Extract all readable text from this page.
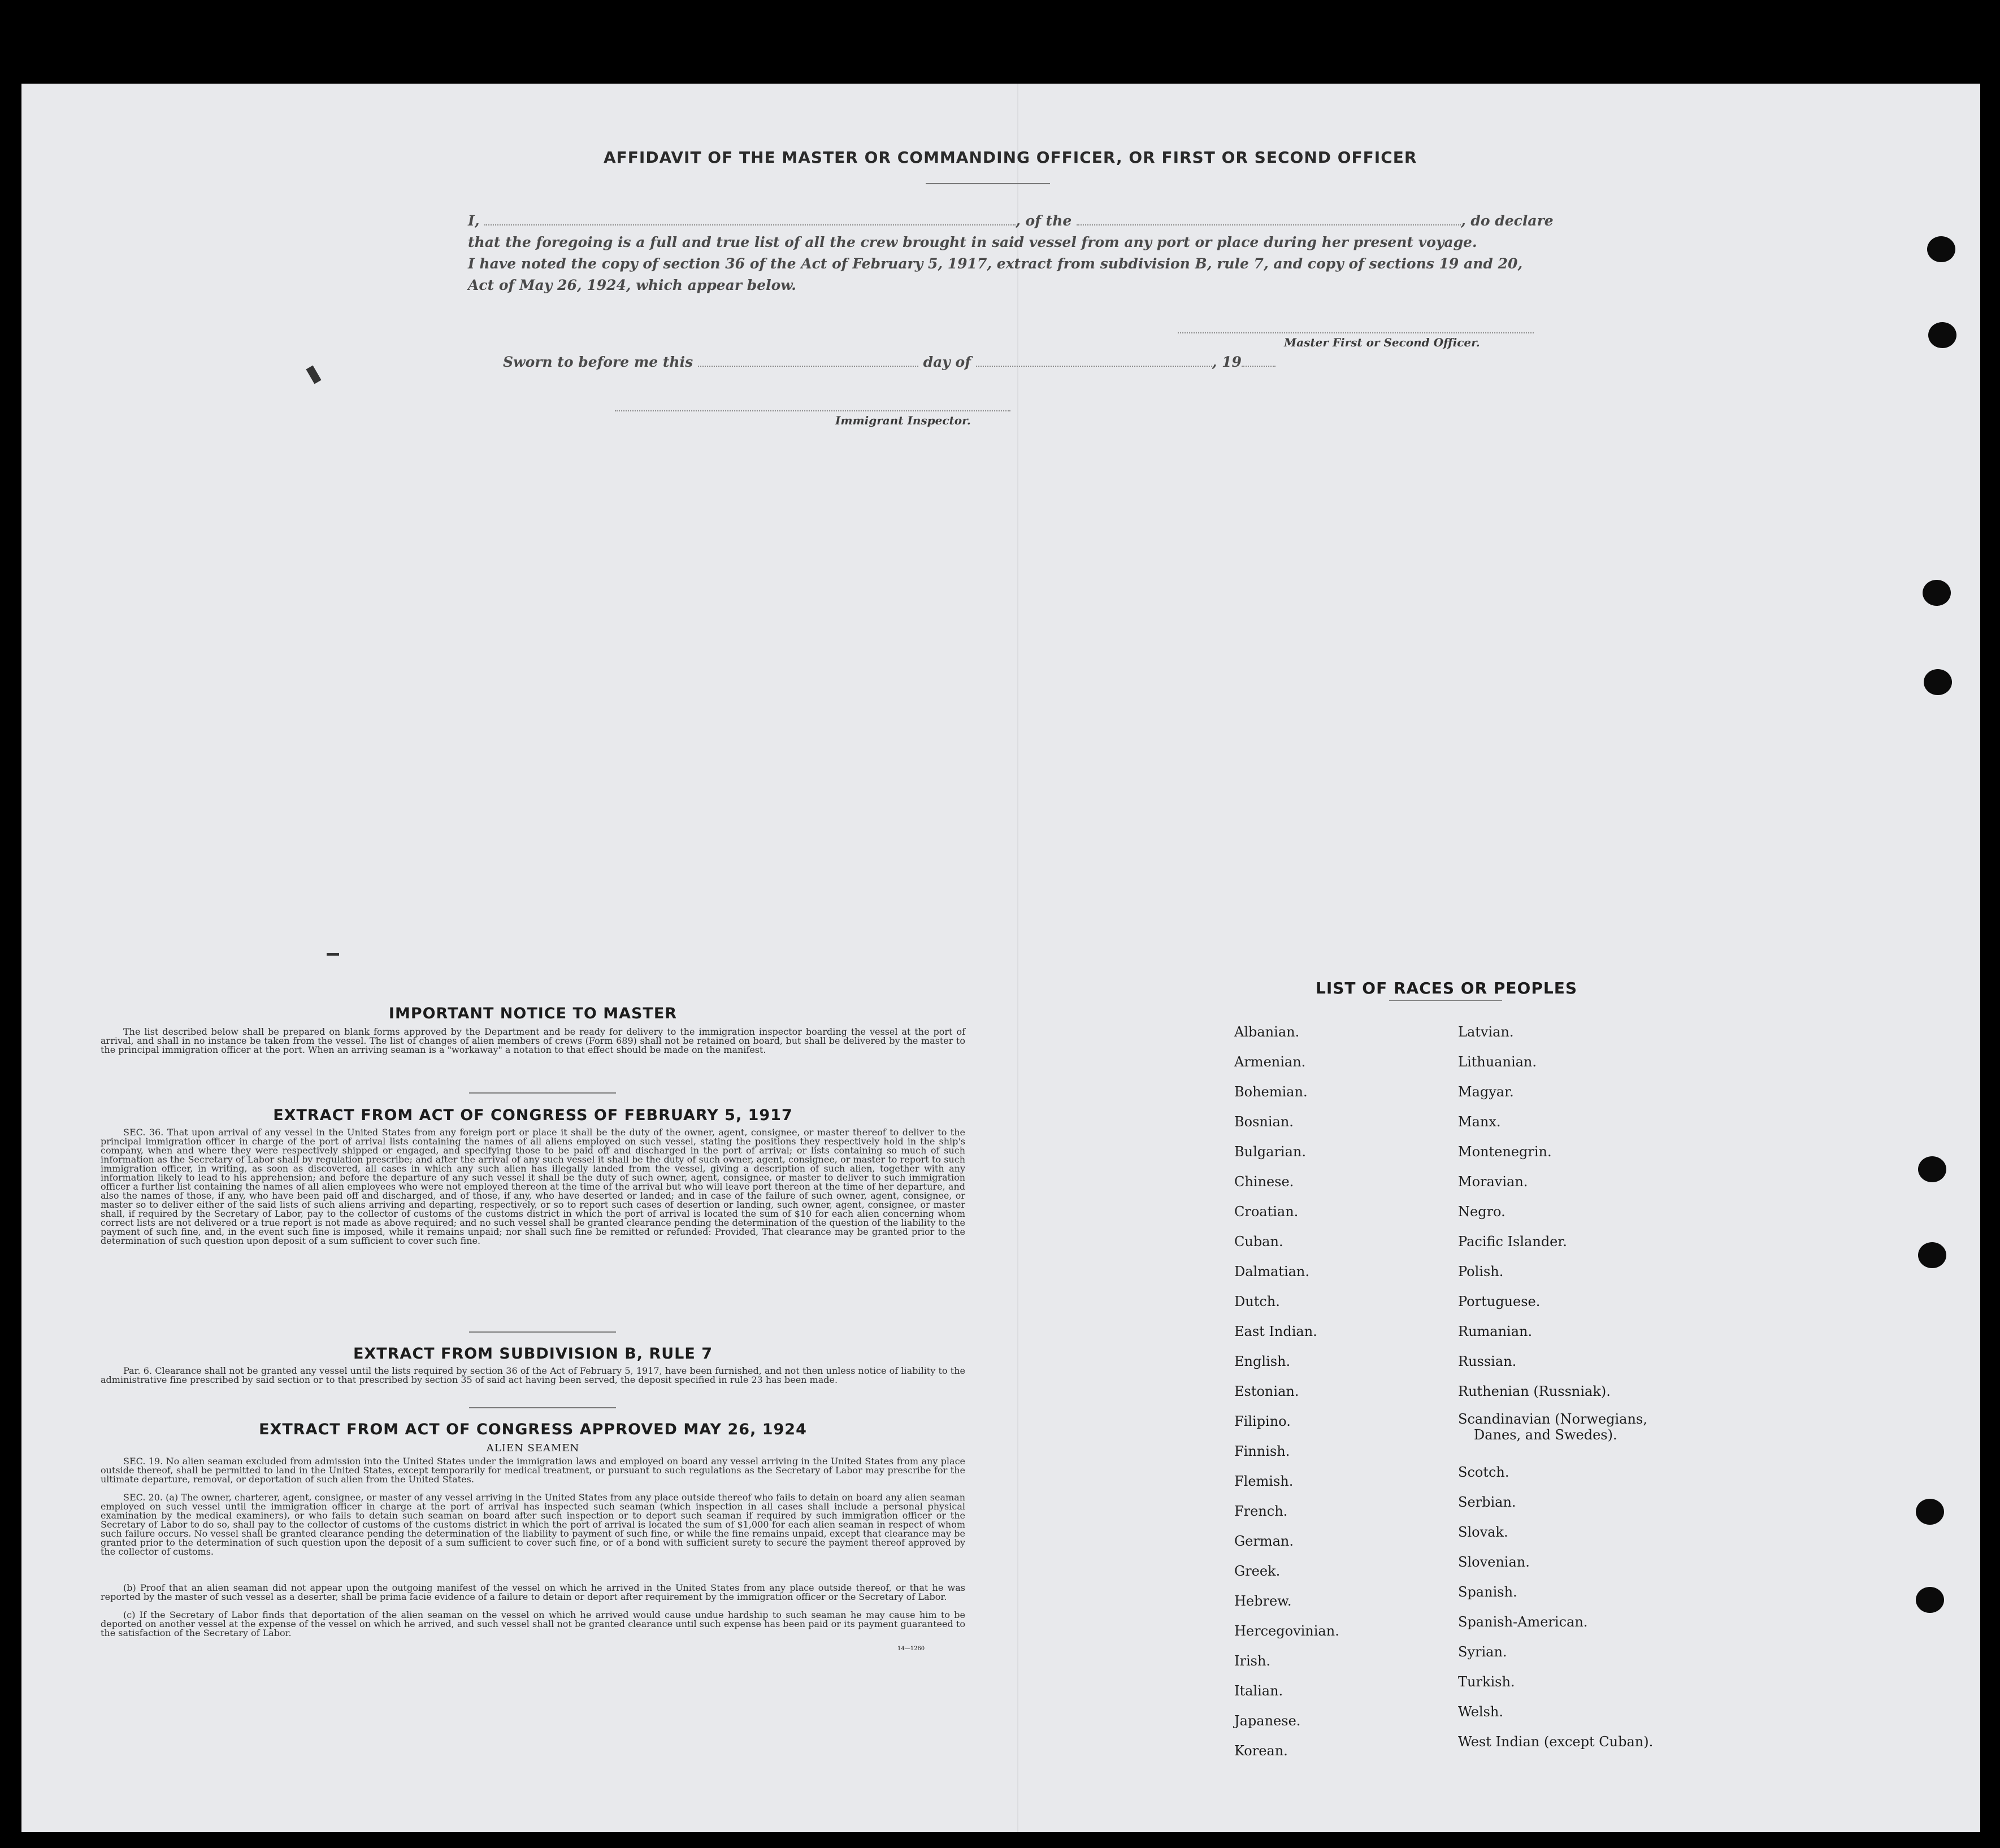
AFFIDAVIT OF THE MASTER OR COMMANDING OFFICER, OR FIRST OR SECOND OFFICER
I,	, of the	, do declare
that the foregoing is a full and true list of all the crew brought in said vessel from any port or place during her present voyage.
I have noted the copy of section 36 of the Act of February 5, 1917, extract from subdivision B, rule 7, and copy of sections 19 and 20,
Act of May 26, 1924, which appear below.
Master First or Second Officer.
Sworn to before me this	day of	, 19
Immigrant Inspector.
IMPORTANT NOTICE TO MASTER
The list described below shall be prepared on blank forms approved by the Department and be ready for delivery to the immigration inspector boarding the vessel at the port of arrival, and shall in no instance be taken from the vessel. The list of changes of alien members of crews (Form 689) shall not be retained on board, but shall be delivered by the master to the principal immigration officer at the port. When an arriving seaman is a "workaway" a notation to that effect should be made on the manifest.
EXTRACT FROM ACT OF CONGRESS OF FEBRUARY 5, 1917
SEC. 36. That upon arrival of any vessel in the United States from any foreign port or place it shall be the duty of the owner, agent, consignee, or master thereof to deliver to the principal immigration officer in charge of the port of arrival lists containing the names of all aliens employed on such vessel, stating the positions they respectively hold in the ship's company, when and where they were respectively shipped or engaged, and specifying those to be paid off and discharged in the port of arrival; or lists containing so much of such information as the Secretary of Labor shall by regulation prescribe; and after the arrival of any such vessel it shall be the duty of such owner, agent, consignee, or master to report to such immigration officer, in writing, as soon as discovered, all cases in which any such alien has illegally landed from the vessel, giving a description of such alien, together with any information likely to lead to his apprehension; and before the departure of any such vessel it shall be the duty of such owner, agent, consignee, or master to deliver to such immigration officer a further list containing the names of all alien employees who were not employed thereon at the time of the arrival but who will leave port thereon at the time of her departure, and also the names of those, if any, who have been paid off and discharged, and of those, if any, who have deserted or landed; and in case of the failure of such owner, agent, consignee, or master so to deliver either of the said lists of such aliens arriving and departing, respectively, or so to report such cases of desertion or landing, such owner, agent, consignee, or master shall, if required by the Secretary of Labor, pay to the collector of customs of the customs district in which the port of arrival is located the sum of $10 for each alien concerning whom correct lists are not delivered or a true report is not made as above required; and no such vessel shall be granted clearance pending the determination of the question of the liability to the payment of such fine, and, in the event such fine is imposed, while it remains unpaid; nor shall such fine be remitted or refunded: Provided, That clearance may be granted prior to the determination of such question upon deposit of a sum sufficient to cover such fine.
EXTRACT FROM SUBDIVISION B, RULE 7
Par. 6. Clearance shall not be granted any vessel until the lists required by section 36 of the Act of February 5, 1917, have been furnished, and not then unless notice of liability to the administrative fine prescribed by said section or to that prescribed by section 35 of said act having been served, the deposit specified in rule 23 has been made.
EXTRACT FROM ACT OF CONGRESS APPROVED MAY 26, 1924
ALIEN SEAMEN
SEC. 19. No alien seaman excluded from admission into the United States under the immigration laws and employed on board any vessel arriving in the United States from any place outside thereof, shall be permitted to land in the United States, except temporarily for medical treatment, or pursuant to such regulations as the Secretary of Labor may prescribe for the ultimate departure, removal, or deportation of such alien from the United States.
SEC. 20. (a) The owner, charterer, agent, consignee, or master of any vessel arriving in the United States from any place outside thereof who fails to detain on board any alien seaman employed on such vessel until the immigration officer in charge at the port of arrival has inspected such seaman (which inspection in all cases shall include a personal physical examination by the medical examiners), or who fails to detain such seaman on board after such inspection or to deport such seaman if required by such immigration officer or the Secretary of Labor to do so, shall pay to the collector of customs of the customs district in which the port of arrival is located the sum of $1,000 for each alien seaman in respect of whom such failure occurs. No vessel shall be granted clearance pending the determination of the liability to payment of such fine, or while the fine remains unpaid, except that clearance may be granted prior to the determination of such question upon the deposit of a sum sufficient to cover such fine, or of a bond with sufficient surety to secure the payment thereof approved by the collector of customs.
(b) Proof that an alien seaman did not appear upon the outgoing manifest of the vessel on which he arrived in the United States from any place outside thereof, or that he was reported by the master of such vessel as a deserter, shall be prima facie evidence of a failure to detain or deport after requirement by the immigration officer or the Secretary of Labor.
(c) If the Secretary of Labor finds that deportation of the alien seaman on the vessel on which he arrived would cause undue hardship to such seaman he may cause him to be deported on another vessel at the expense of the vessel on which he arrived, and such vessel shall not be granted clearance until such expense has been paid or its payment guaranteed to the satisfaction of the Secretary of Labor.
14—1260
LIST OF RACES OR PEOPLES
Albanian.
Armenian.
Bohemian.
Bosnian.
Bulgarian.
Chinese.
Croatian.
Cuban.
Dalmatian.
Dutch.
East Indian.
English.
Estonian.
Filipino.
Finnish.
Flemish.
French.
German.
Greek.
Hebrew.
Hercegovinian.
Irish.
Italian.
Japanese.
Korean.
Latvian.
Lithuanian.
Magyar.
Manx.
Montenegrin.
Moravian.
Negro.
Pacific Islander.
Polish.
Portuguese.
Rumanian.
Russian.
Ruthenian (Russniak).
Scandinavian (Norwegians,
Danes, and Swedes).
Scotch.
Serbian.
Slovak.
Slovenian.
Spanish.
Spanish-American.
Syrian.
Turkish.
Welsh.
West Indian (except Cuban).
